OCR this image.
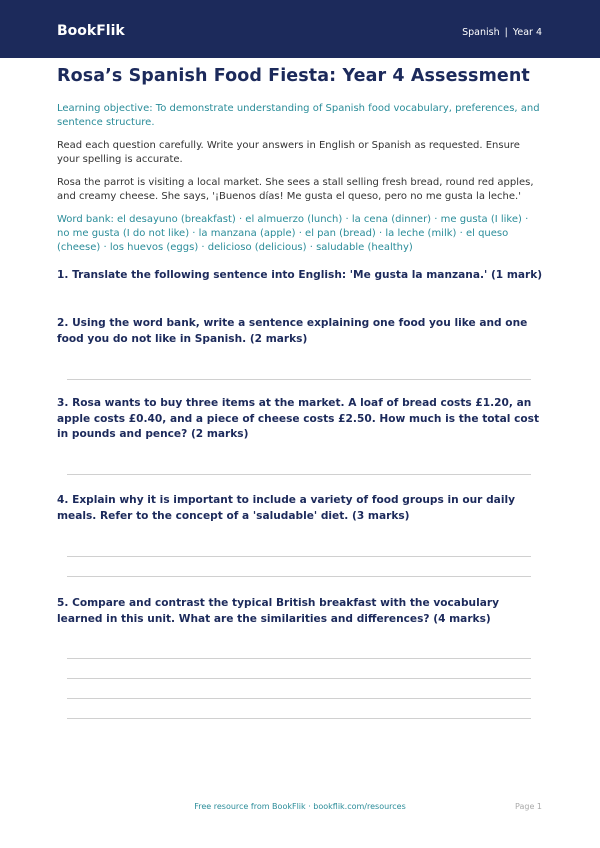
BookFlik	Spanish | Year 4
Rosa’s Spanish Food Fiesta: Year 4 Assessment
Learning objective: To demonstrate understanding of Spanish food vocabulary, preferences, and sentence structure.
Read each question carefully. Write your answers in English or Spanish as requested. Ensure your spelling is accurate.
Rosa the parrot is visiting a local market. She sees a stall selling fresh bread, round red apples, and creamy cheese. She says, '¡Buenos días! Me gusta el queso, pero no me gusta la leche.'
Word bank: el desayuno (breakfast) · el almuerzo (lunch) · la cena (dinner) · me gusta (I like) · no me gusta (I do not like) · la manzana (apple) · el pan (bread) · la leche (milk) · el queso (cheese) · los huevos (eggs) · delicioso (delicious) · saludable (healthy)
1. Translate the following sentence into English: 'Me gusta la manzana.' (1 mark)
2. Using the word bank, write a sentence explaining one food you like and one food you do not like in Spanish. (2 marks)
3. Rosa wants to buy three items at the market. A loaf of bread costs £1.20, an apple costs £0.40, and a piece of cheese costs £2.50. How much is the total cost in pounds and pence? (2 marks)
4. Explain why it is important to include a variety of food groups in our daily meals. Refer to the concept of a 'saludable' diet. (3 marks)
5. Compare and contrast the typical British breakfast with the vocabulary learned in this unit. What are the similarities and differences? (4 marks)
Free resource from BookFlik · bookflik.com/resources	Page 1
